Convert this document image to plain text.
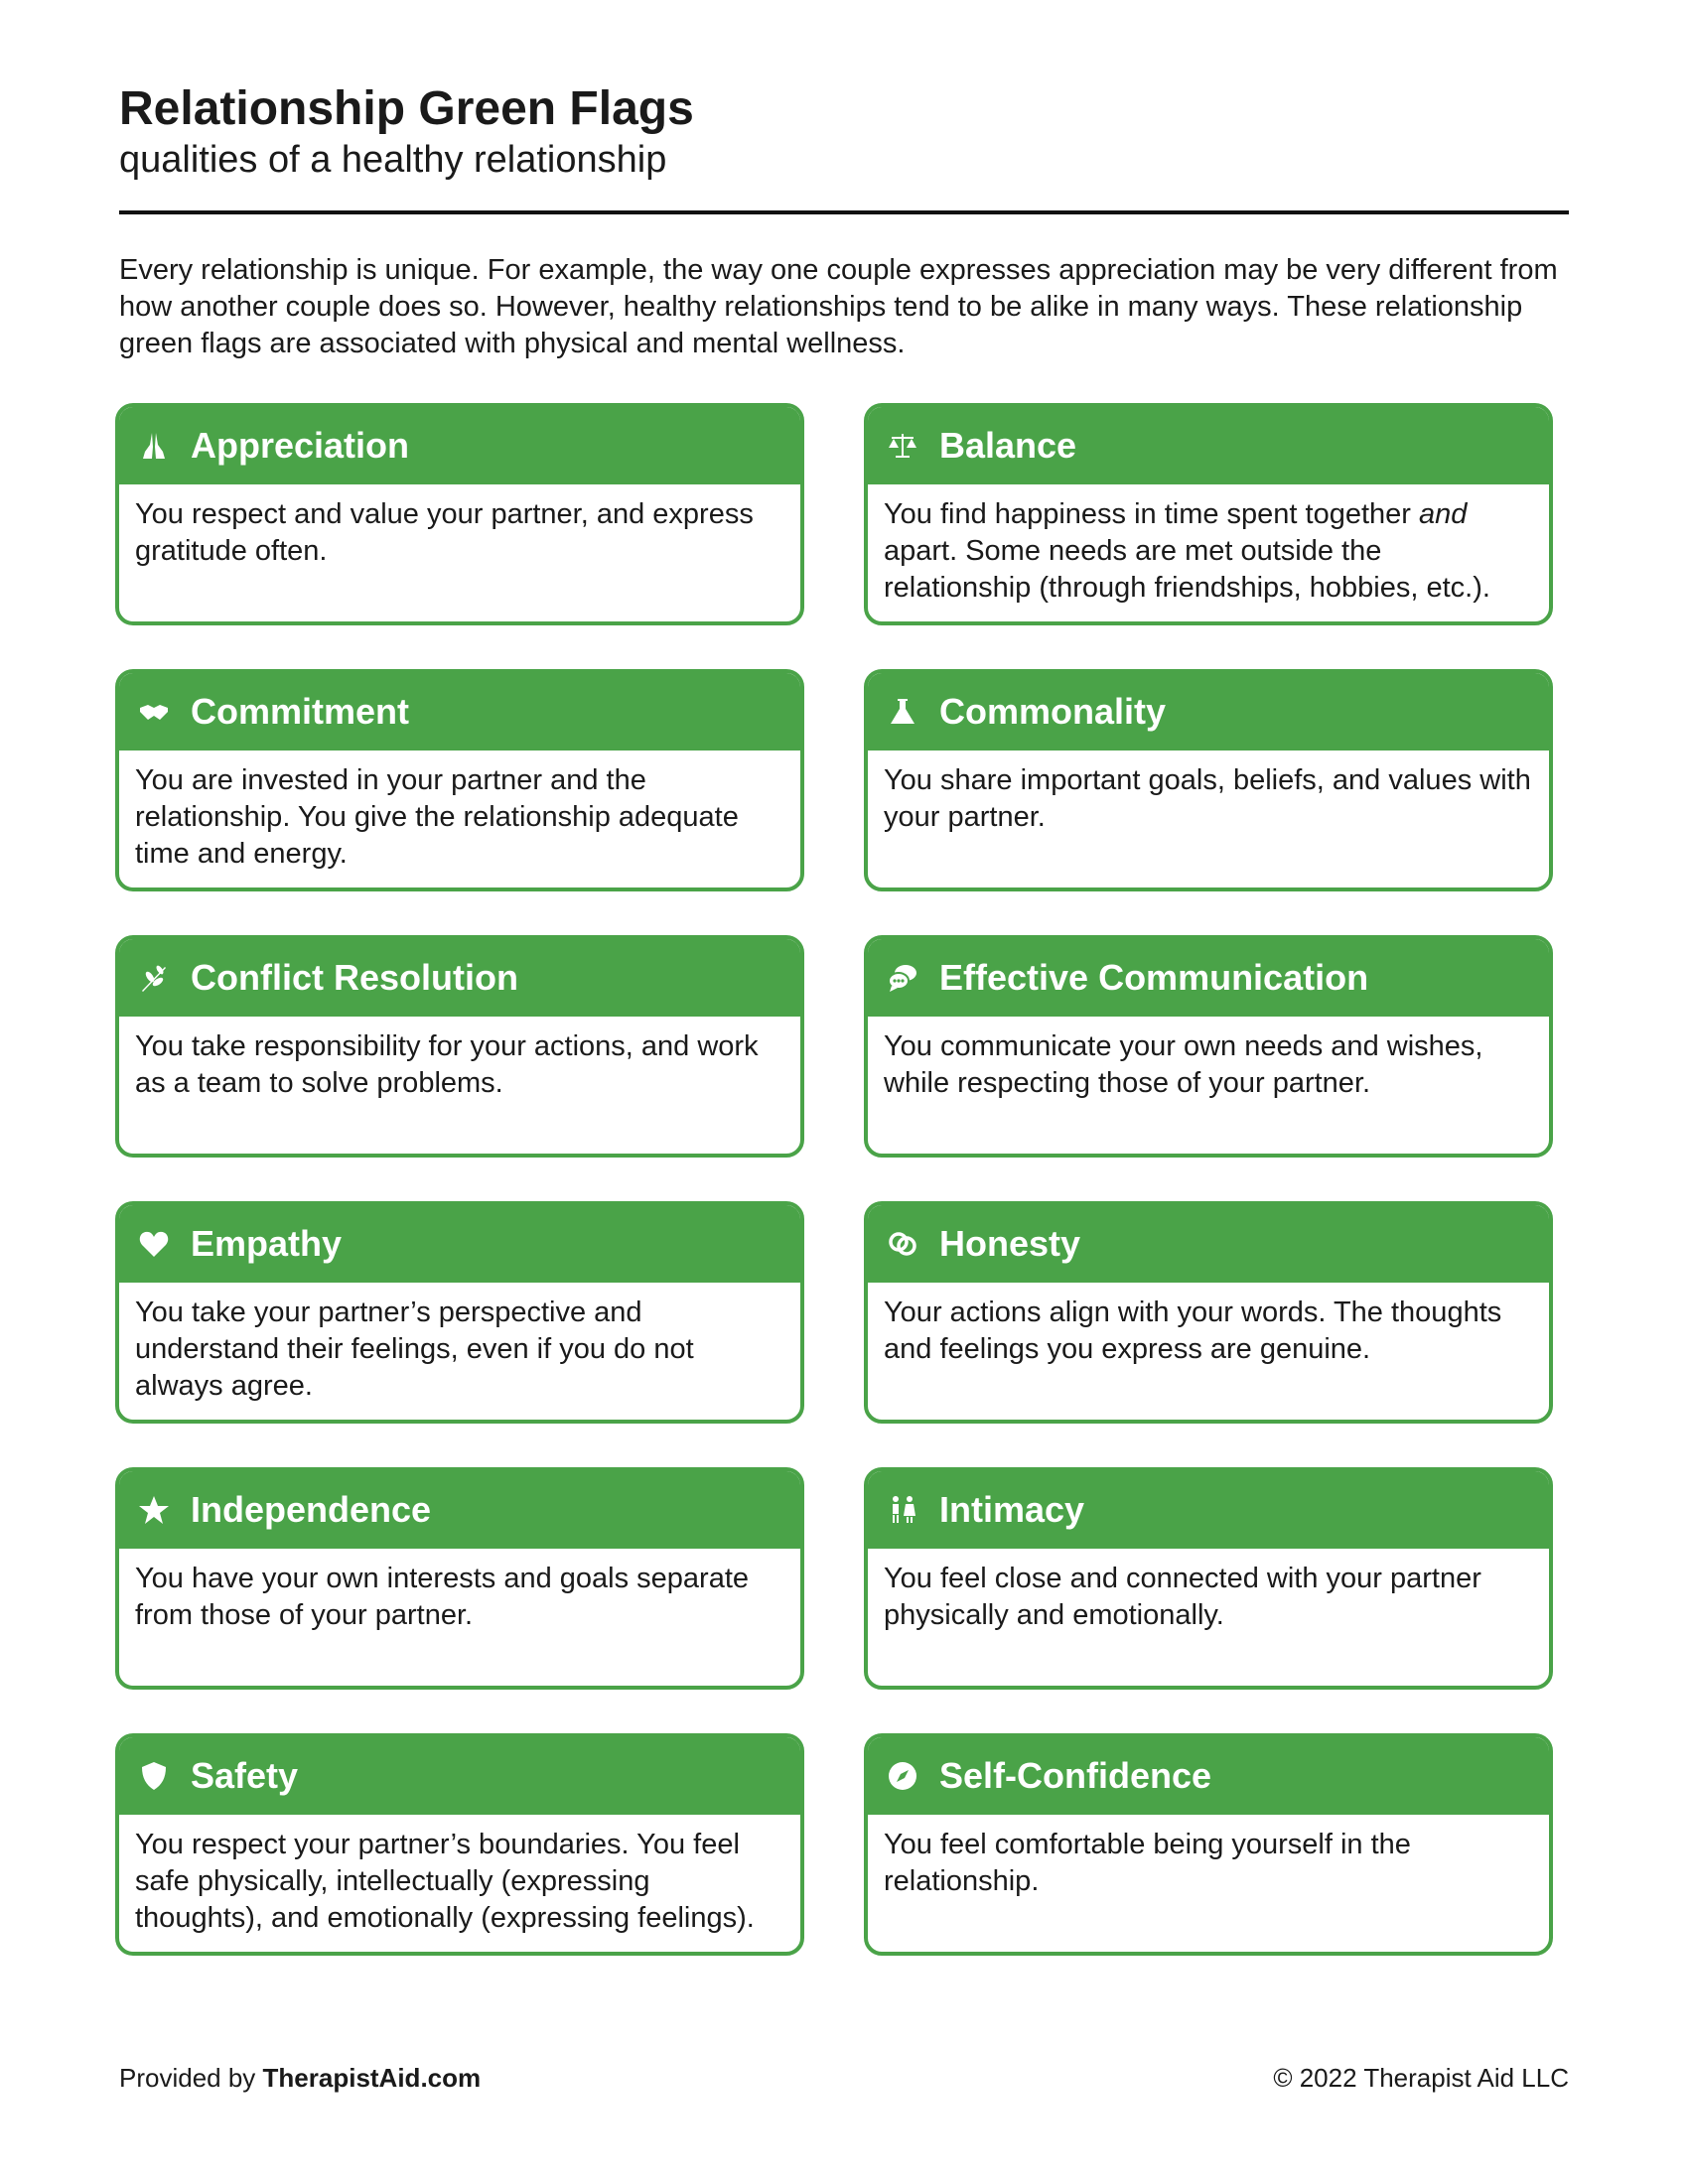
Relationship Green Flags

qualities of a healthy relationship

Every relationship is unique. For example, the way one couple expresses appreciation may be very different from how another couple does so. However, healthy relationships tend to be alike in many ways. These relationship green flags are associated with physical and mental wellness.
Appreciation
You respect and value your partner, and express gratitude often.
Balance
You find happiness in time spent together and apart. Some needs are met outside the relationship (through friendships, hobbies, etc.).
Commitment
You are invested in your partner and the relationship. You give the relationship adequate time and energy.
Commonality
You share important goals, beliefs, and values with your partner.
Conflict Resolution
You take responsibility for your actions, and work as a team to solve problems.
Effective Communication
You communicate your own needs and wishes, while respecting those of your partner.
Empathy
You take your partner’s perspective and understand their feelings, even if you do not always agree.
Honesty
Your actions align with your words. The thoughts and feelings you express are genuine.
Independence
You have your own interests and goals separate from those of your partner.
Intimacy
You feel close and connected with your partner physically and emotionally.
Safety
You respect your partner’s boundaries. You feel safe physically, intellectually (expressing thoughts), and emotionally (expressing feelings).
Self-Confidence
You feel comfortable being yourself in the relationship.
Provided by TherapistAid.com	© 2022 Therapist Aid LLC
